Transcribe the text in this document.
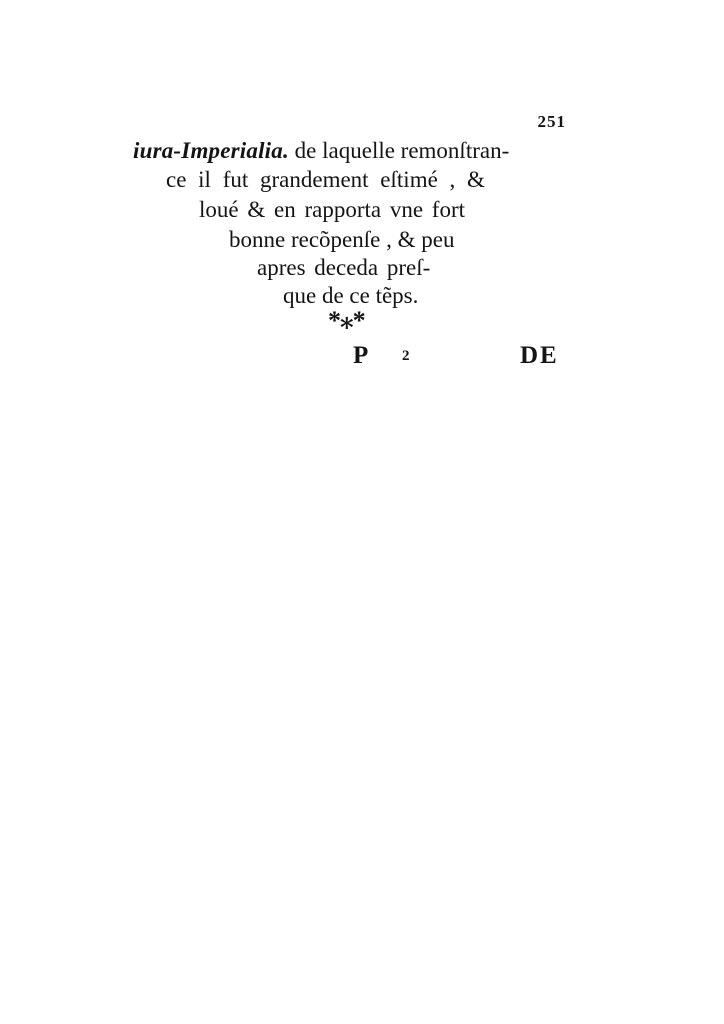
251
iura-Imperialia. de laquelle remonſtran-
ce il fut grandement eſtimé , &
loué & en rapporta vne fort
bonne recõpenſe , & peu
apres deceda preſ-
que de ce tẽps.
*⁎*
P 2	DE
